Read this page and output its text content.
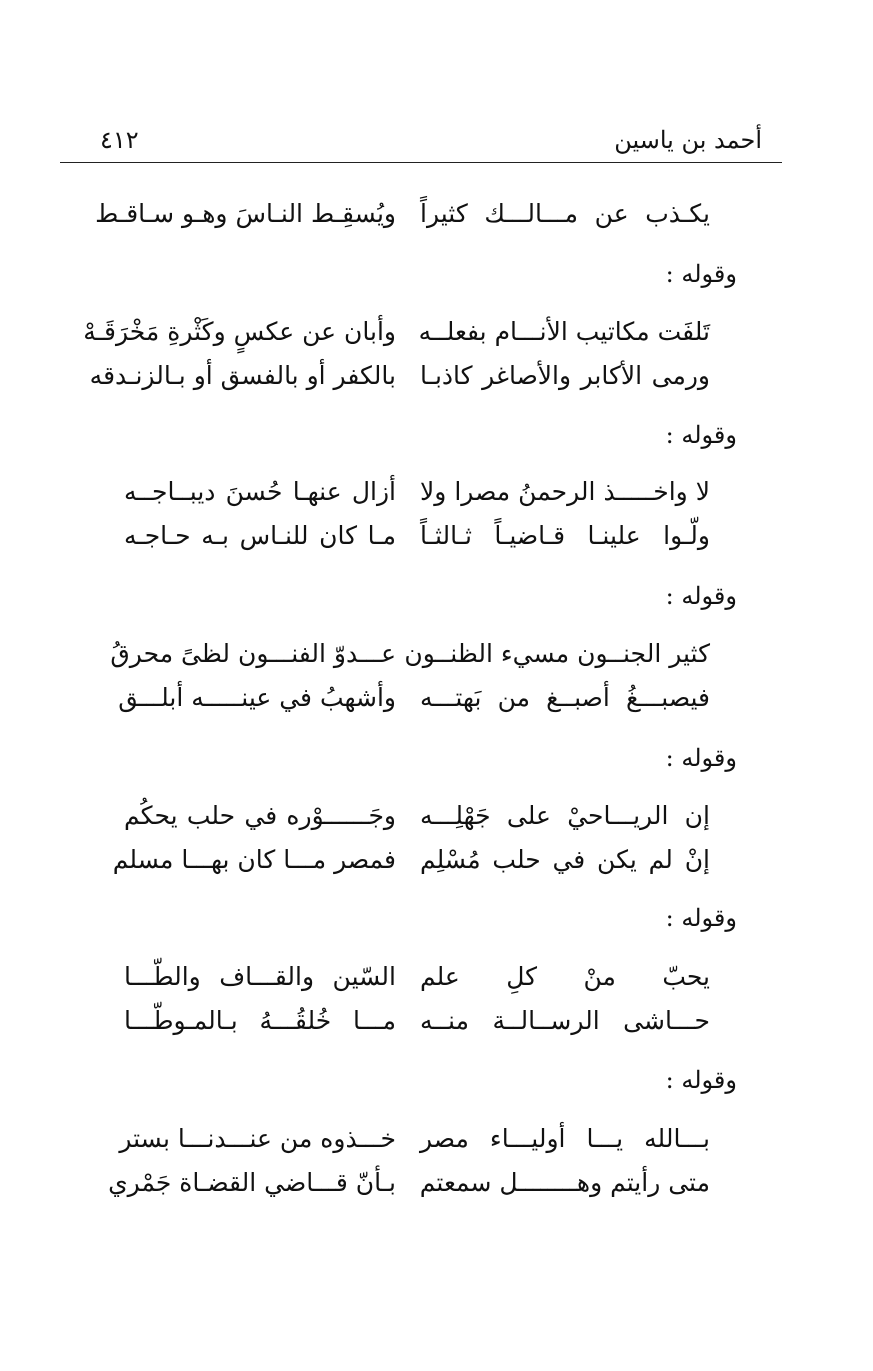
أحمد بن ياسين
٤١٢
يكـذب عن مـــالـــك كثيراً
ويُسقِـط النـاسَ وهـو سـاقـط
وقوله :
تَلفَت مكاتيب الأنـــام بفعلــه
وأبان عن عكسٍ وكَثْرةِ مَخْرَقَـهْ
ورمى الأكابر والأصاغر كاذبـا
بالكفر أو بالفسق أو بـالزنـدقه
وقوله :
لا واخـــــذ الرحمنُ مصرا ولا
أزال عنهـا حُسنَ ديبــاجــه
ولّـوا علينـا قـاضيـاً ثـالثـاً
مـا كان للنـاس بـه حـاجـه
وقوله :
كثير الجنــون مسيء الظنــون
عـــدوّ الفنـــون لظىً محرقُ
فيصبـــغُ أصبــغ من بَهتـــه
وأشهبُ في عينـــــه أبلـــق
وقوله :
إن الريـــاحيْ على جَهْلِـــه
وجَــــــوْره في حلب يحكُم
إنْ لم يكن في حلب مُسْلِم
فمصر مـــا كان بهـــا مسلم
وقوله :
يحبّ منْ كلِ علم
السّين والقـــاف والطّـــا
حـــاشى الرســالــة منــه
مـــا خُلقُـــهُ بـالمـوطّـــا
وقوله :
بـــالله يـــا أوليـــاء مصر
خـــذوه من عنـــدنـــا بستر
متى رأيتم وهــــــــل سمعتم
بـأنّ قـــاضي القضـاة جَمْري
